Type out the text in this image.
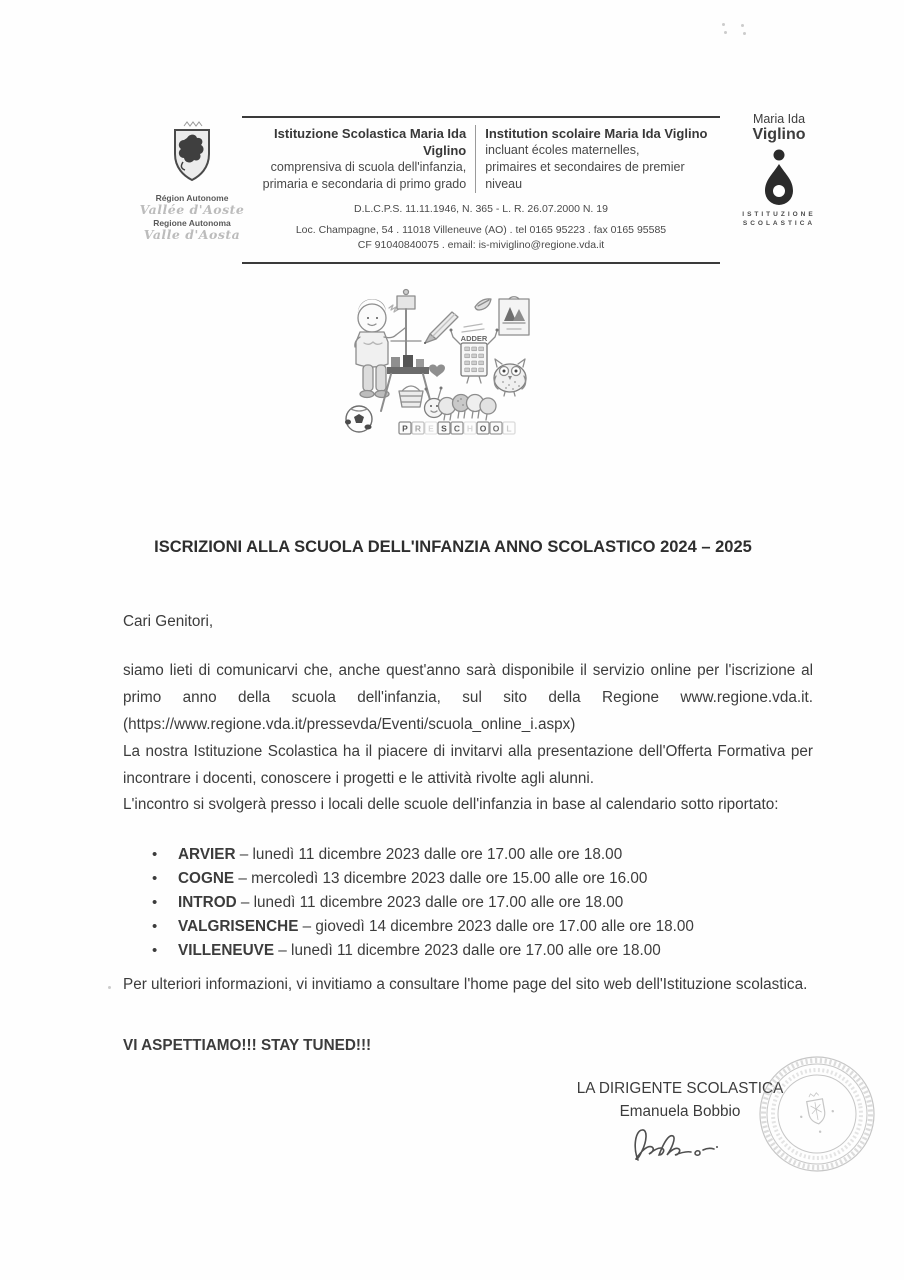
Région Autonome
Vallée d'Aoste
Regione Autonoma
Valle d'Aosta
Istituzione Scolastica Maria Ida Viglino
comprensiva di scuola dell'infanzia,
primaria e secondaria di primo grado
Institution scolaire Maria Ida Viglino
incluant écoles maternelles,
primaires et secondaires de premier niveau
D.L.C.P.S. 11.11.1946, N. 365 - L. R. 26.07.2000 N. 19
Loc. Champagne, 54 . 11018 Villeneuve (AO) . tel 0165 95223 . fax 0165 95585
CF 91040840075 . email: is-miviglino@regione.vda.it
Maria Ida
Viglino
ISTITUZIONE
SCOLASTICA
ADDER
P R E S C H O O L
ISCRIZIONI ALLA SCUOLA DELL'INFANZIA ANNO SCOLASTICO 2024 – 2025
Cari Genitori,

siamo lieti di comunicarvi che, anche quest'anno sarà disponibile il servizio online per l'iscrizione al primo anno della scuola dell'infanzia, sul sito della Regione www.regione.vda.it. (https://www.regione.vda.it/pressevda/Eventi/scuola_online_i.aspx)

La nostra Istituzione Scolastica ha il piacere di invitarvi alla presentazione dell'Offerta Formativa per incontrare i docenti, conoscere i progetti e le attività rivolte agli alunni.

L'incontro si svolgerà presso i locali delle scuole dell'infanzia in base al calendario sotto riportato:

• ARVIER – lunedì 11 dicembre 2023 dalle ore 17.00 alle ore 18.00
• COGNE – mercoledì 13 dicembre 2023 dalle ore 15.00 alle ore 16.00
• INTROD – lunedì 11 dicembre 2023 dalle ore 17.00 alle ore 18.00
• VALGRISENCHE – giovedì 14 dicembre 2023 dalle ore 17.00 alle ore 18.00
• VILLENEUVE – lunedì 11 dicembre 2023 dalle ore 17.00 alle ore 18.00

Per ulteriori informazioni, vi invitiamo a consultare l'home page del sito web dell'Istituzione scolastica.

VI ASPETTIAMO!!! STAY TUNED!!!
LA DIRIGENTE SCOLASTICA
Emanuela Bobbio
